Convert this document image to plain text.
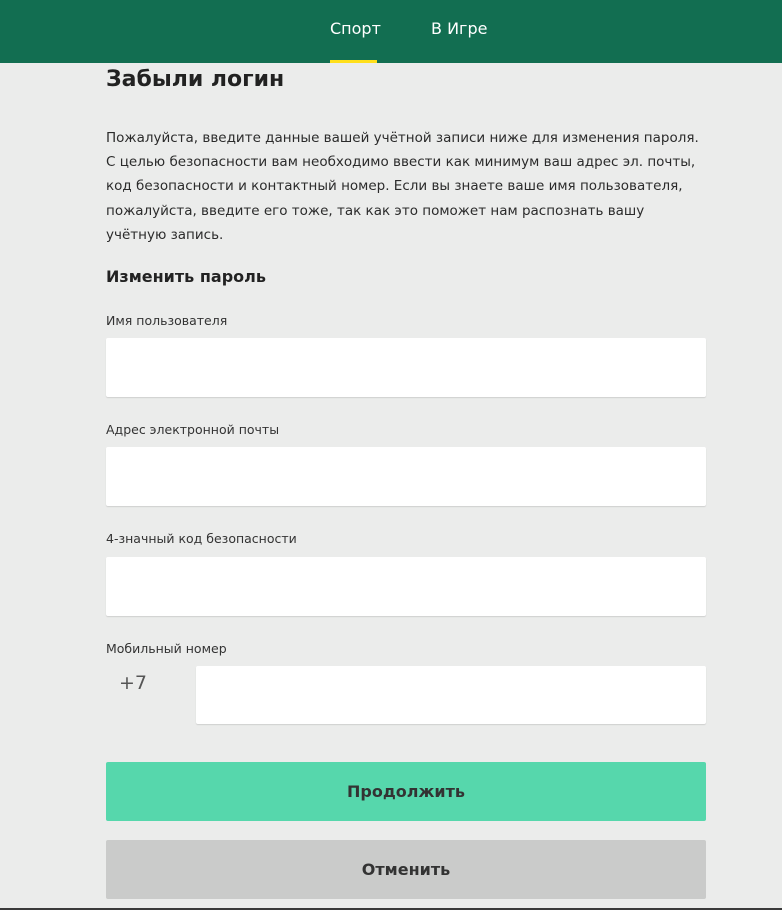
Спорт	В Игре
Забыли логин

Пожалуйста, введите данные вашей учётной записи ниже для изменения пароля. С целью безопасности вам необходимо ввести как минимум ваш адрес эл. почты, код безопасности и контактный номер. Если вы знаете ваше имя пользователя, пожалуйста, введите его тоже, так как это поможет нам распознать вашу учётную запись.

Изменить пароль
Имя пользователя
Адрес электронной почты
4-значный код безопасности
Мобильный номер
+7
Продолжить
Отменить
